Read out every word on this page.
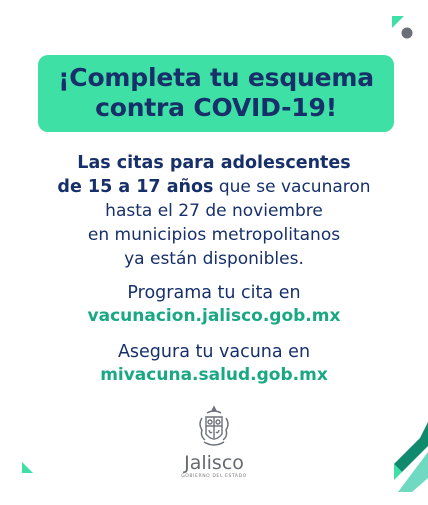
¡Completa tu esquema
contra COVID-19!
Las citas para adolescentes
de 15 a 17 años que se vacunaron
hasta el 27 de noviembre
en municipios metropolitanos
ya están disponibles.
Programa tu cita en
vacunacion.jalisco.gob.mx
Asegura tu vacuna en
mivacuna.salud.gob.mx
Jalisco
GOBIERNO DEL ESTADO
